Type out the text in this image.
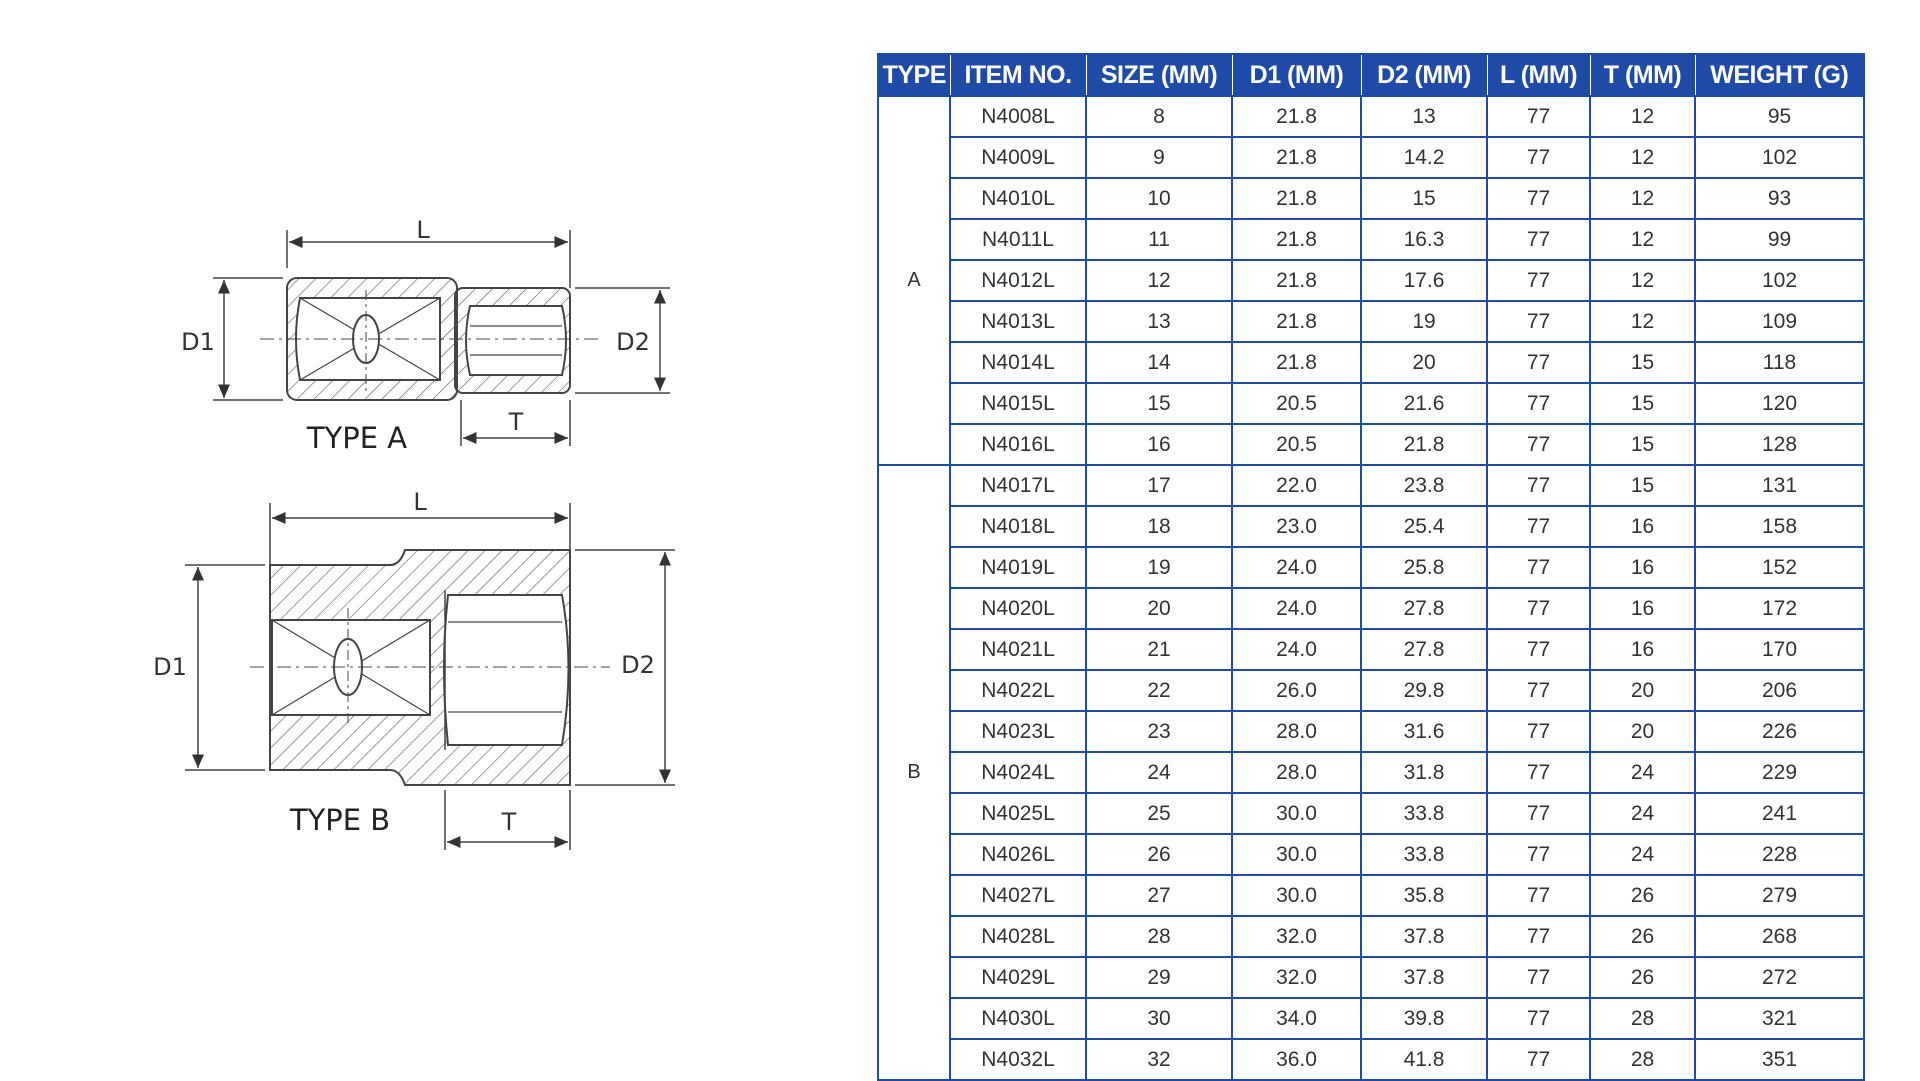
L
D1	D2
T
TYPE A
L
D1	D2
T
TYPE B
TYPE	ITEM NO.	SIZE (MM)	D1 (MM)	D2 (MM)	L (MM)	T (MM)	WEIGHT (G)
A	N4008L	8	21.8	13	77	12	95
	N4009L	9	21.8	14.2	77	12	102
	N4010L	10	21.8	15	77	12	93
	N4011L	11	21.8	16.3	77	12	99
	N4012L	12	21.8	17.6	77	12	102
	N4013L	13	21.8	19	77	12	109
	N4014L	14	21.8	20	77	15	118
	N4015L	15	20.5	21.6	77	15	120
	N4016L	16	20.5	21.8	77	15	128
B	N4017L	17	22.0	23.8	77	15	131
	N4018L	18	23.0	25.4	77	16	158
	N4019L	19	24.0	25.8	77	16	152
	N4020L	20	24.0	27.8	77	16	172
	N4021L	21	24.0	27.8	77	16	170
	N4022L	22	26.0	29.8	77	20	206
	N4023L	23	28.0	31.6	77	20	226
	N4024L	24	28.0	31.8	77	24	229
	N4025L	25	30.0	33.8	77	24	241
	N4026L	26	30.0	33.8	77	24	228
	N4027L	27	30.0	35.8	77	26	279
	N4028L	28	32.0	37.8	77	26	268
	N4029L	29	32.0	37.8	77	26	272
	N4030L	30	34.0	39.8	77	28	321
	N4032L	32	36.0	41.8	77	28	351
